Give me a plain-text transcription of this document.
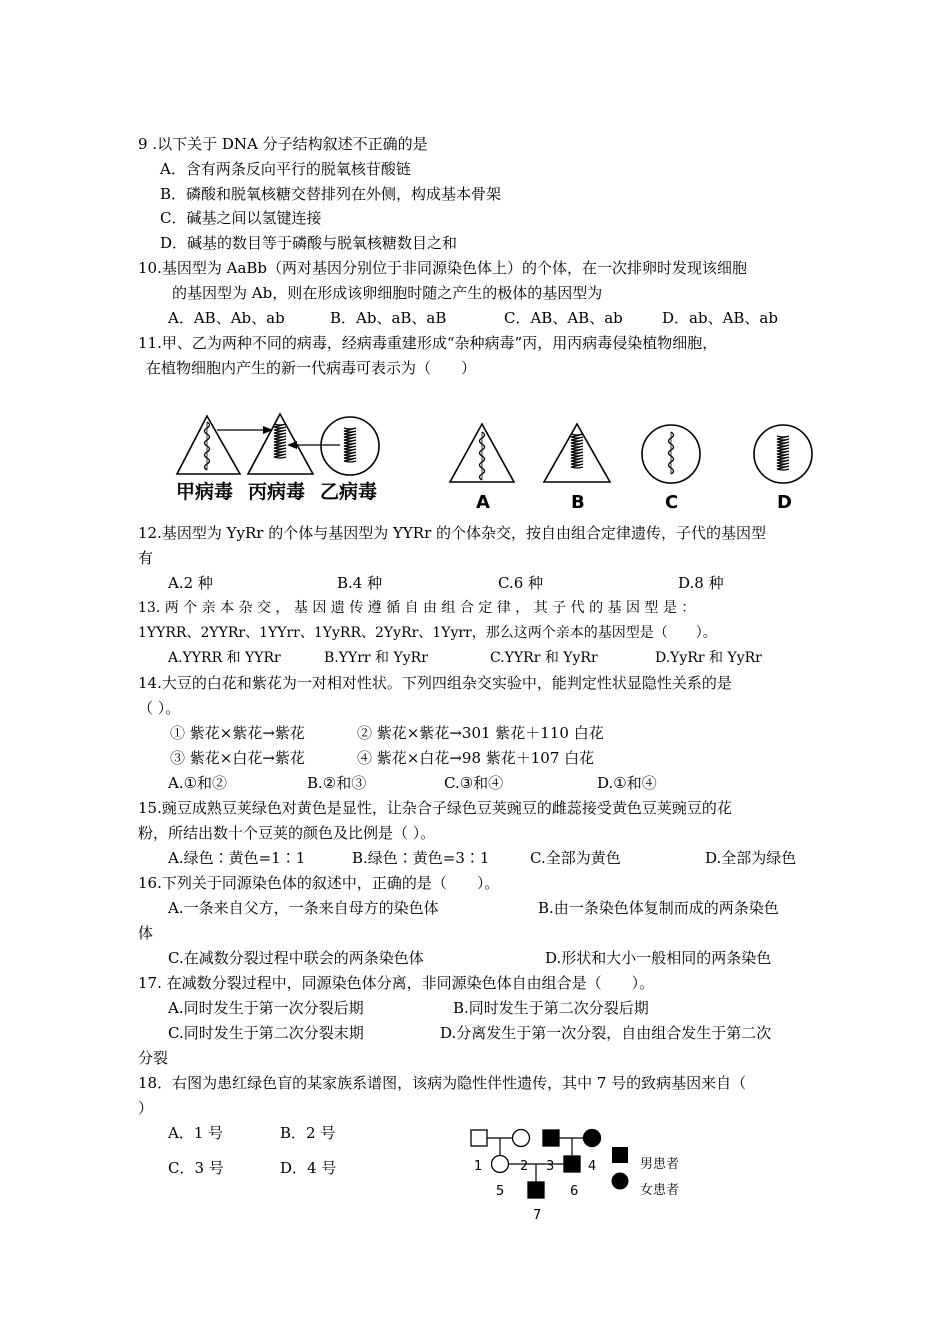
9 .以下关于 DNA 分子结构叙述不正确的是
A．含有两条反向平行的脱氧核苷酸链
B．磷酸和脱氧核糖交替排列在外侧，构成基本骨架
C．碱基之间以氢键连接
D．碱基的数目等于磷酸与脱氧核糖数目之和
10.基因型为 AaBb（两对基因分别位于非同源染色体上）的个体，在一次排卵时发现该细胞
的基因型为 Ab，则在形成该卵细胞时随之产生的极体的基因型为
A．AB、Ab、ab	B．Ab、aB、aB	C．AB、AB、ab	D．ab、AB、ab
11.甲、乙为两种不同的病毒，经病毒重建形成“杂种病毒”丙，用丙病毒侵染植物细胞，
在植物细胞内产生的新一代病毒可表示为（　　）
甲病毒 丙病毒 乙病毒	A	B	C	D
12.基因型为 YyRr 的个体与基因型为 YYRr 的个体杂交，按自由组合定律遗传，子代的基因型
有
A.2 种	B.4 种	C.6 种	D.8 种
13. 两 个 亲 本 杂 交 ， 基 因 遗 传 遵 循 自 由 组 合 定 律 ， 其 子 代 的 基 因 型 是 ：
1YYRR、2YYRr、1YYrr、1YyRR、2YyRr、1Yyrr，那么这两个亲本的基因型是（　　）。
A.YYRR 和 YYRr	B.YYrr 和 YyRr	C.YYRr 和 YyRr	D.YyRr 和 YyRr
14.大豆的白花和紫花为一对相对性状。下列四组杂交实验中，能判定性状显隐性关系的是
（ ）。
① 紫花×紫花→紫花	② 紫花×紫花→301 紫花＋110 白花
③ 紫花×白花→紫花	④ 紫花×白花→98 紫花＋107 白花
A.①和②	B.②和③	C.③和④	D.①和④
15.豌豆成熟豆荚绿色对黄色是显性，让杂合子绿色豆荚豌豆的雌蕊接受黄色豆荚豌豆的花
粉，所结出数十个豆荚的颜色及比例是（ ）。
A.绿色∶黄色=1∶1	B.绿色∶黄色=3∶1	C.全部为黄色	D.全部为绿色
16.下列关于同源染色体的叙述中，正确的是（　　）。
A.一条来自父方，一条来自母方的染色体	B.由一条染色体复制而成的两条染色
体
C.在减数分裂过程中联会的两条染色体	D.形状和大小一般相同的两条染色
17. 在减数分裂过程中，同源染色体分离，非同源染色体自由组合是（　　）。
A.同时发生于第一次分裂后期	B.同时发生于第二次分裂后期
C.同时发生于第二次分裂末期	D.分离发生于第一次分裂，自由组合发生于第二次
分裂
18．右图为患红绿色盲的某家族系谱图，该病为隐性伴性遗传，其中 7 号的致病基因来自（
）
A．1 号	B．2 号
C．3 号	D．4 号	1	2 3	4
5	6
7
男患者
女患者
